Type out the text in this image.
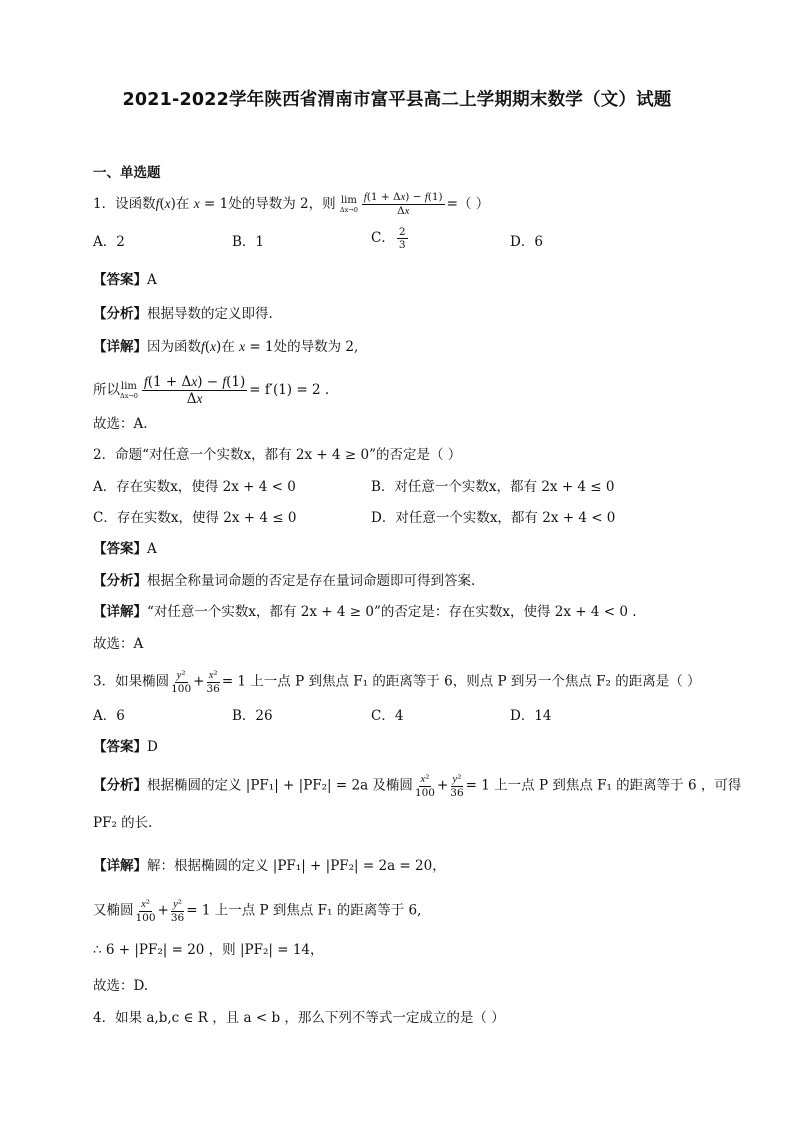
2021-2022学年陕西省渭南市富平县高二上学期期末数学（文）试题
一、单选题
1．设函数f(x)在 x = 1处的导数为 2，则 lim
$\Delta x\to 0 \frac{f(1 + \Delta x) - f(1)}{\Delta x}$ =（ ）
A．2	B．1	C． $\frac{2}{3}$	D．6
【答案】A
【分析】根据导数的定义即得.
【详解】因为函数f(x)在 x = 1处的导数为 2,
所以 lim
$\Delta x\to 0 \frac{f(1 + \Delta x) - f(1)}{\Delta x} = f'(1) = 2$ .
故选：A.
2．命题“对任意一个实数x，都有 2x + 4 ≥ 0”的否定是（ ）
A．存在实数x，使得 2x + 4 < 0	B．对任意一个实数x，都有 2x + 4 ≤ 0
C．存在实数x，使得 2x + 4 ≤ 0	D．对任意一个实数x，都有 2x + 4 < 0
【答案】A
【分析】根据全称量词命题的否定是存在量词命题即可得到答案.
【详解】“对任意一个实数x，都有 2x + 4 ≥ 0”的否定是：存在实数x，使得 2x + 4 < 0 .
故选：A
3．如果椭圆 $\frac{\text{y²}}{100} + \frac{\text{x²}}{36} = 1$ 上一点 P 到焦点 F₁ 的距离等于 6，则点 P 到另一个焦点 F₂ 的距离是（ ）
A．6	B．26	C．4	D．14
【答案】D
【分析】根据椭圆的定义 |PF₁| + |PF₂| = 2a 及椭圆 $\frac{\text{x²}}{100} + \frac{\text{y²}}{36} = 1$ 上一点 P 到焦点 F₁ 的距离等于 6 ，可得
PF₂ 的长.
【详解】解：根据椭圆的定义 |PF₁| + |PF₂| = 2a = 20，
又椭圆 $\frac{\text{x²}}{100} + \frac{\text{y²}}{36} = 1$ 上一点 P 到焦点 F₁ 的距离等于 6,
∴ 6 + |PF₂| = 20 ，则 |PF₂| = 14，
故选：D.
4．如果 a,b,c ∈ R ，且 a < b ，那么下列不等式一定成立的是（ ）
